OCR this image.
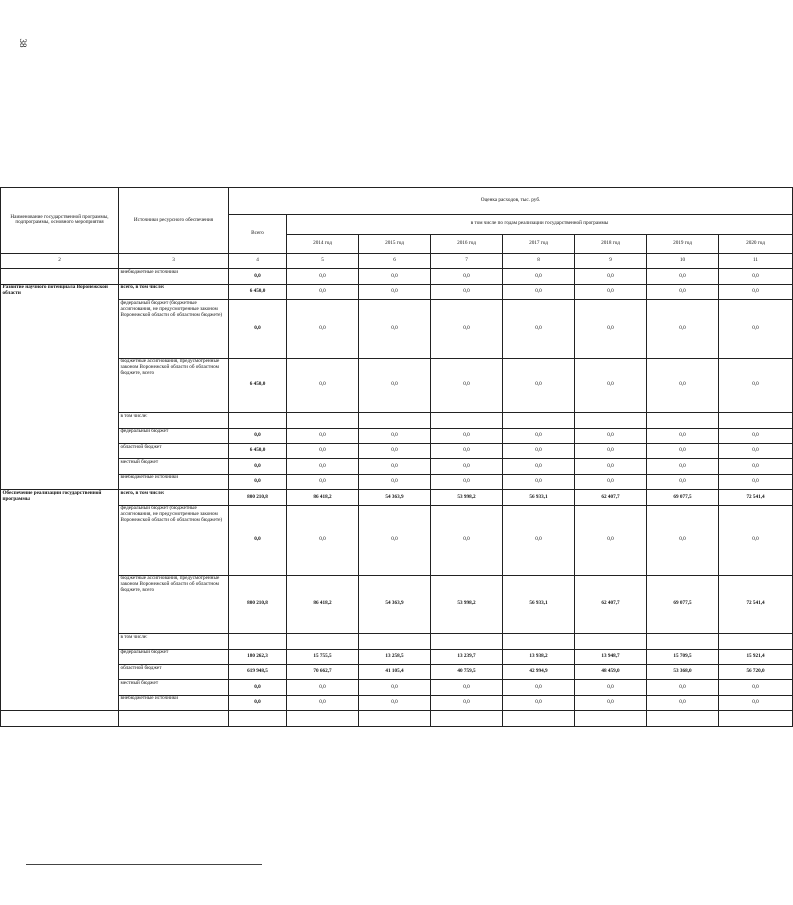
38
	Наименование государственной программы, подпрограммы, основного мероприятия	Источники ресурсного обеспечения	Оценка расходов, тыс. руб.							
			Всего	в том числе по годам реализации государственной программы						
				2014 год	2015 год	2016 год	2017 год	2018 год	2019 год	2020 год
	2	3	4	5	6	7	8	9	10	11
		внебюджетные источники	0,0	0,0	0,0	0,0	0,0	0,0	0,0	0,0
	Развитие научного потенциала Воронежской области	всего, в том числе:	6 450,0	0,0	0,0	0,0	0,0	0,0	0,0	0,0
		федеральный бюджет (бюджетные ассигнования, не предусмотренные законом Воронежской области об областном бюджете)	0,0	0,0	0,0	0,0	0,0	0,0	0,0	0,0
		бюджетные ассигнования, предусмотренные законом Воронежской области об областном бюджете, всего	6 450,0	0,0	0,0	0,0	0,0	0,0	0,0	0,0
		в том числе:								
		федеральный бюджет	0,0	0,0	0,0	0,0	0,0	0,0	0,0	0,0
		областной бюджет	6 450,0	0,0	0,0	0,0	0,0	0,0	0,0	0,0
		местный бюджет	0,0	0,0	0,0	0,0	0,0	0,0	0,0	0,0
		внебюджетные источники	0,0	0,0	0,0	0,0	0,0	0,0	0,0	0,0
	Обеспечение реализации государственной программы	всего, в том числе:	800 210,8	86 418,2	54 363,9	53 998,2	56 933,1	62 407,7	69 077,5	72 541,4
		федеральный бюджет (бюджетные ассигнования, не предусмотренные законом Воронежской области об областном бюджете)	0,0	0,0	0,0	0,0	0,0	0,0	0,0	0,0
		бюджетные ассигнования, предусмотренные законом Воронежской области об областном бюджете, всего	800 210,8	86 418,2	54 363,9	53 998,2	56 933,1	62 407,7	69 077,5	72 541,4
		в том числе:								
		федеральный бюджет	180 262,3	15 755,5	13 258,5	13 239,7	13 938,2	13 948,7	15 709,5	15 921,4
		областной бюджет	619 948,5	70 662,7	41 105,4	40 759,5	42 994,9	48 459,0	53 368,0	56 720,0
		местный бюджет	0,0	0,0	0,0	0,0	0,0	0,0	0,0	0,0
		внебюджетные источники	0,0	0,0	0,0	0,0	0,0	0,0	0,0	0,0
